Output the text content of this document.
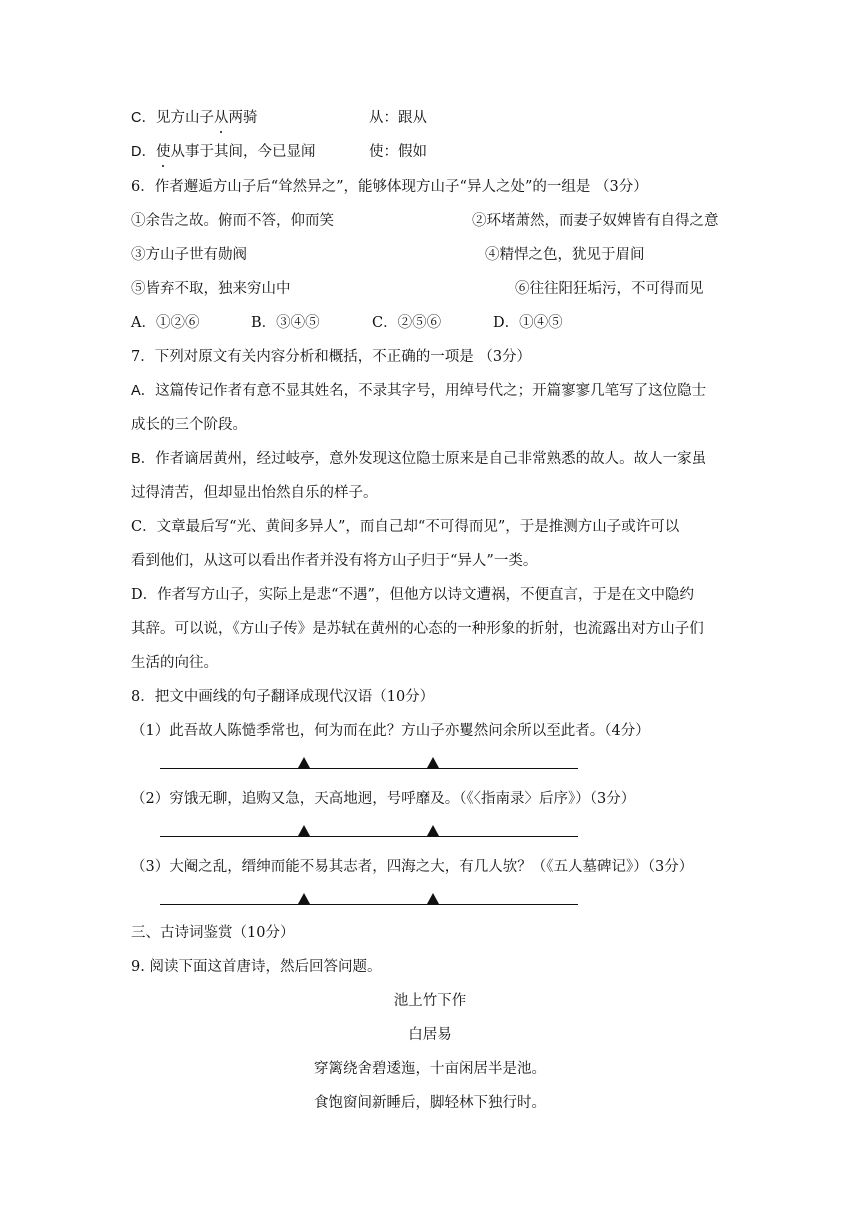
C．见方山子从两骑	从：跟从
D．使从事于其间，今已显闻	使：假如
6．作者邂逅方山子后“耸然异之”，能够体现方山子“异人之处”的一组是 （3分）
①余告之故。俯而不答，仰而笑	②环堵萧然，而妻子奴婢皆有自得之意
③方山子世有勋阀	④精悍之色，犹见于眉间
⑤皆弃不取，独来穷山中	⑥往往阳狂垢污，不可得而见
A．①②⑥	B．③④⑤	C．②⑤⑥	D．①④⑤
7．下列对原文有关内容分析和概括，不正确的一项是 （3分）
A．这篇传记作者有意不显其姓名，不录其字号，用绰号代之；开篇寥寥几笔写了这位隐士
成长的三个阶段。
B．作者谪居黄州，经过岐亭，意外发现这位隐士原来是自己非常熟悉的故人。故人一家虽
过得清苦，但却显出怡然自乐的样子。
C．文章最后写“光、黄间多异人”，而自己却“不可得而见”，于是推测方山子或许可以
看到他们，从这可以看出作者并没有将方山子归于“异人”一类。
D．作者写方山子，实际上是悲“不遇”，但他方以诗文遭祸，不便直言，于是在文中隐约
其辞。可以说，《方山子传》是苏轼在黄州的心态的一种形象的折射，也流露出对方山子们
生活的向往。
8．把文中画线的句子翻译成现代汉语（10分）
（1）此吾故人陈慥季常也，何为而在此？方山子亦矍然问余所以至此者。（4分）
（2）穷饿无聊，追购又急，天高地迥，号呼靡及。（《〈指南录〉后序》）（3分）
（3）大阉之乱，缙绅而能不易其志者，四海之大，有几人欤？（《五人墓碑记》）（3分）
三、古诗词鉴赏（10分）
9. 阅读下面这首唐诗，然后回答问题。
池上竹下作
白居易
穿篱绕舍碧逶迤，十亩闲居半是池。
食饱窗间新睡后，脚轻林下独行时。
